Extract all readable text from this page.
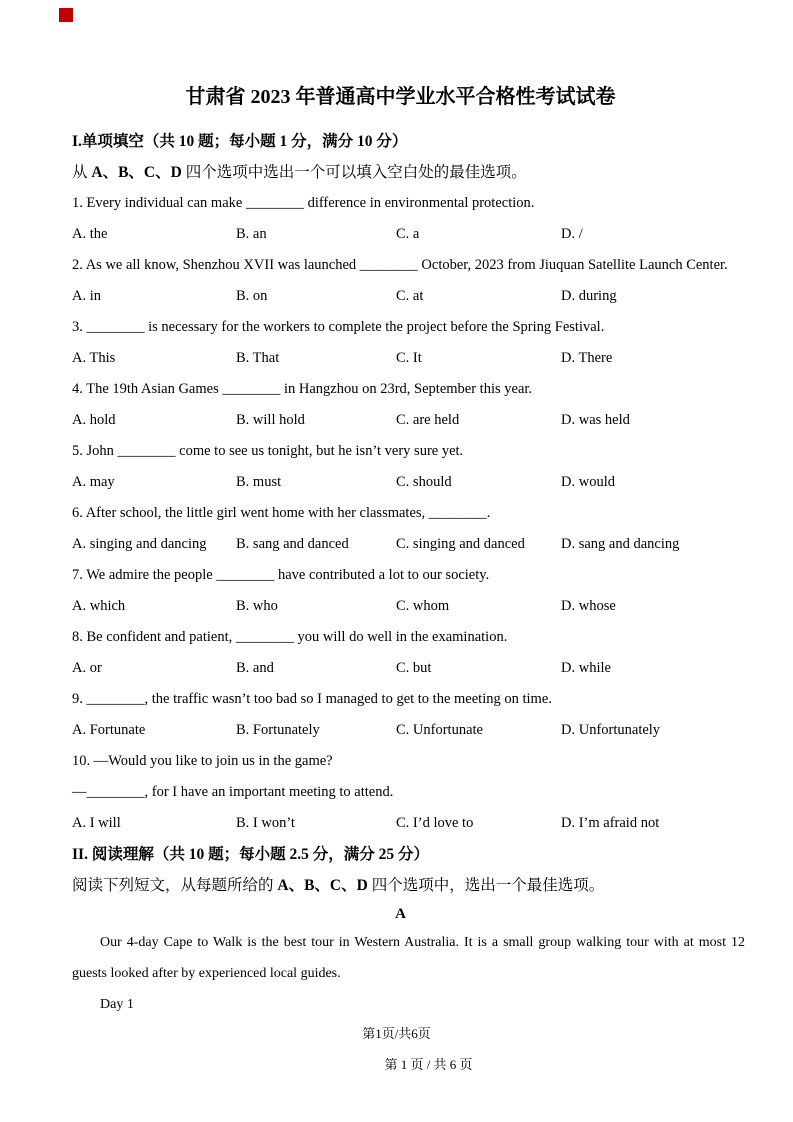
甘肃省 2023 年普通高中学业水平合格性考试试卷
I.单项填空（共 10 题；每小题 1 分，满分 10 分）
从 A、B、C、D 四个选项中选出一个可以填入空白处的最佳选项。
1. Every individual can make ________ difference in environmental protection.
A. the	B. an	C. a	D. /
2. As we all know, Shenzhou XVII was launched ________ October, 2023 from Jiuquan Satellite Launch Center.
A. in	B. on	C. at	D. during
3. ________ is necessary for the workers to complete the project before the Spring Festival.
A. This	B. That	C. It	D. There
4. The 19th Asian Games ________ in Hangzhou on 23rd, September this year.
A. hold	B. will hold	C. are held	D. was held
5. John ________ come to see us tonight, but he isn’t very sure yet.
A. may	B. must	C. should	D. would
6. After school, the little girl went home with her classmates, ________.
A. singing and dancing	B. sang and danced	C. singing and danced	D. sang and dancing
7. We admire the people ________ have contributed a lot to our society.
A. which	B. who	C. whom	D. whose
8. Be confident and patient, ________ you will do well in the examination.
A. or	B. and	C. but	D. while
9. ________, the traffic wasn’t too bad so I managed to get to the meeting on time.
A. Fortunate	B. Fortunately	C. Unfortunate	D. Unfortunately
10. —Would you like to join us in the game?
—________, for I have an important meeting to attend.
A. I will	B. I won’t	C. I’d love to	D. I’m afraid not
II. 阅读理解（共 10 题；每小题 2.5 分，满分 25 分）
阅读下列短文，从每题所给的 A、B、C、D 四个选项中，选出一个最佳选项。
A
Our 4-day Cape to Walk is the best tour in Western Australia. It is a small group walking tour with at most 12
guests looked after by experienced local guides.
Day 1
第1页/共6页
第 1 页 / 共 6 页
